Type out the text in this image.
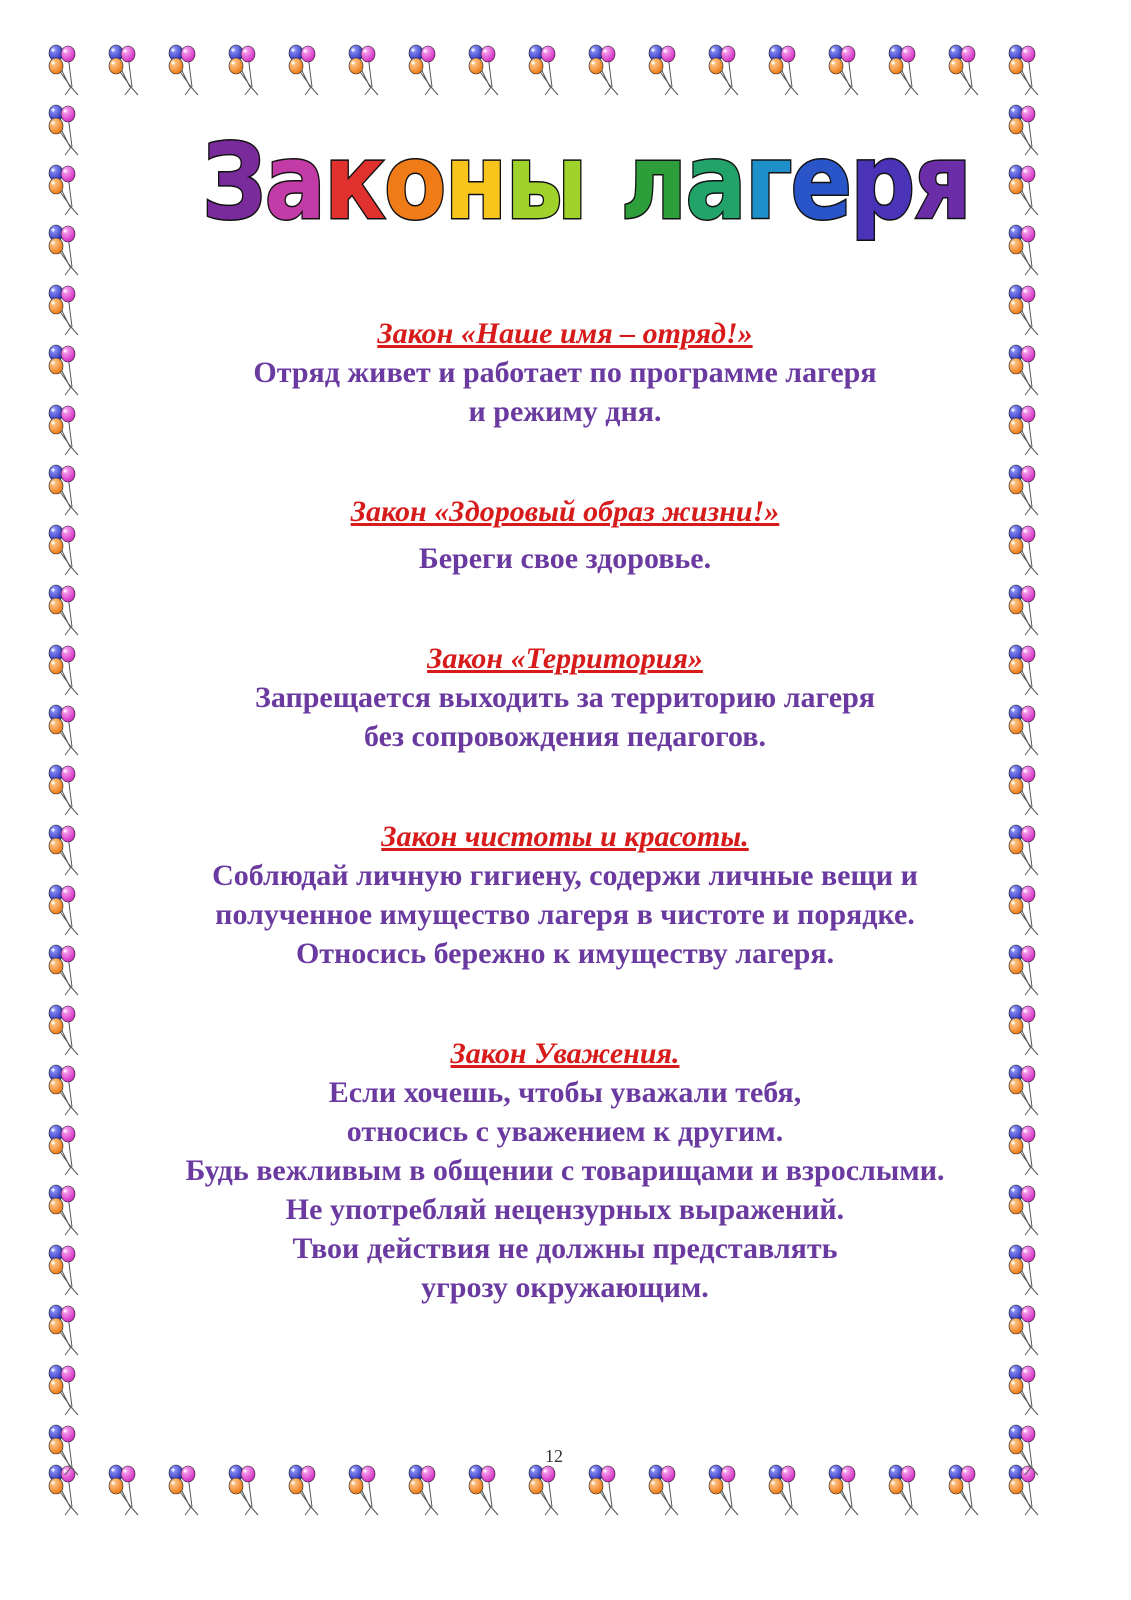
З
а
к
о
н
ы л
а
г
е
р
я
Закон «Наше имя – отряд!»
Отряд живет и работает по программе лагеря
и режиму дня.
Закон «Здоровый образ жизни!»
Береги свое здоровье.
Закон «Территория»
Запрещается выходить за территорию лагеря
без сопровождения педагогов.
Закон чистоты и красоты.
Соблюдай личную гигиену, содержи личные вещи и
полученное имущество лагеря в чистоте и порядке.
Относись бережно к имуществу лагеря.
Закон Уважения.
Если хочешь, чтобы уважали тебя,
относись с уважением к другим.
Будь вежливым в общении с товарищами и взрослыми.
Не употребляй нецензурных выражений.
Твои действия не должны представлять
угрозу окружающим.
12
